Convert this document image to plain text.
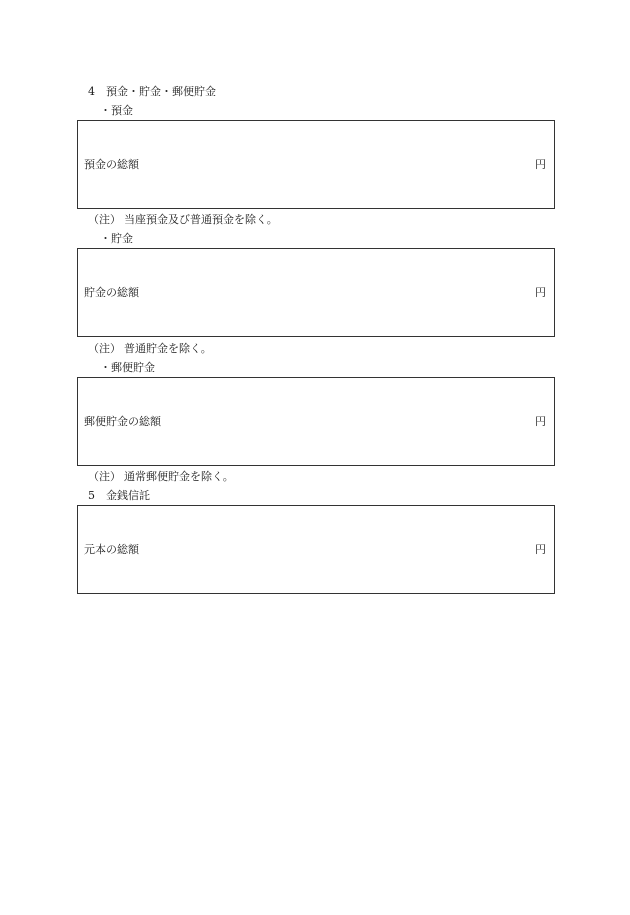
4 預金・貯金・郵便貯金
・預金
預金の総額	円
（注） 当座預金及び普通預金を除く。
・貯金
貯金の総額	円
（注） 普通貯金を除く。
・郵便貯金
郵便貯金の総額	円
（注） 通常郵便貯金を除く。
5 金銭信託
元本の総額	円
